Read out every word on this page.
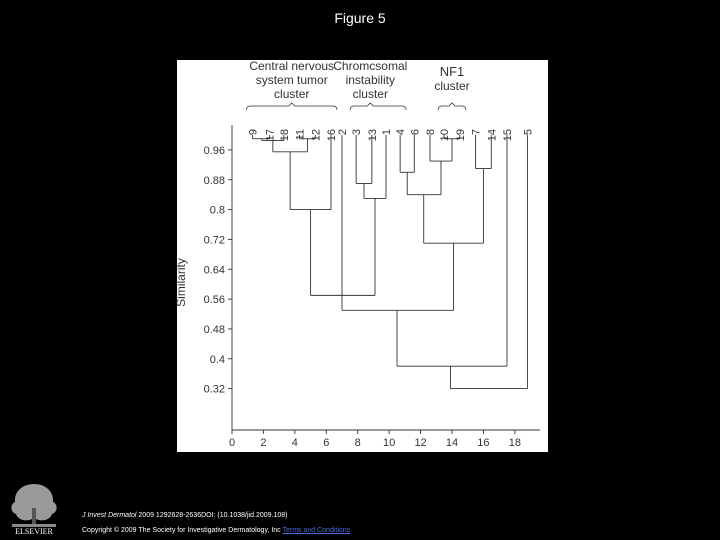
Figure 5
0.96
0.88
0.8
0.72
0.64
0.56
0.48
0.4
0.32
0 2 4 6 8 10 12 14 16 18
Similarity
9 17 18 11 12 16 2 3 13 1 4 6 8 10 19 7 14 15 5
Central nervous
system tumor
cluster
Chromcsomal
instability
cluster
NF1
cluster
ELSEVIER
J Invest Dermatol 2009 1292628-2636DOI: (10.1038/jid.2009.108)
Copyright © 2009 The Society for Investigative Dermatology, Inc Terms and Conditions
